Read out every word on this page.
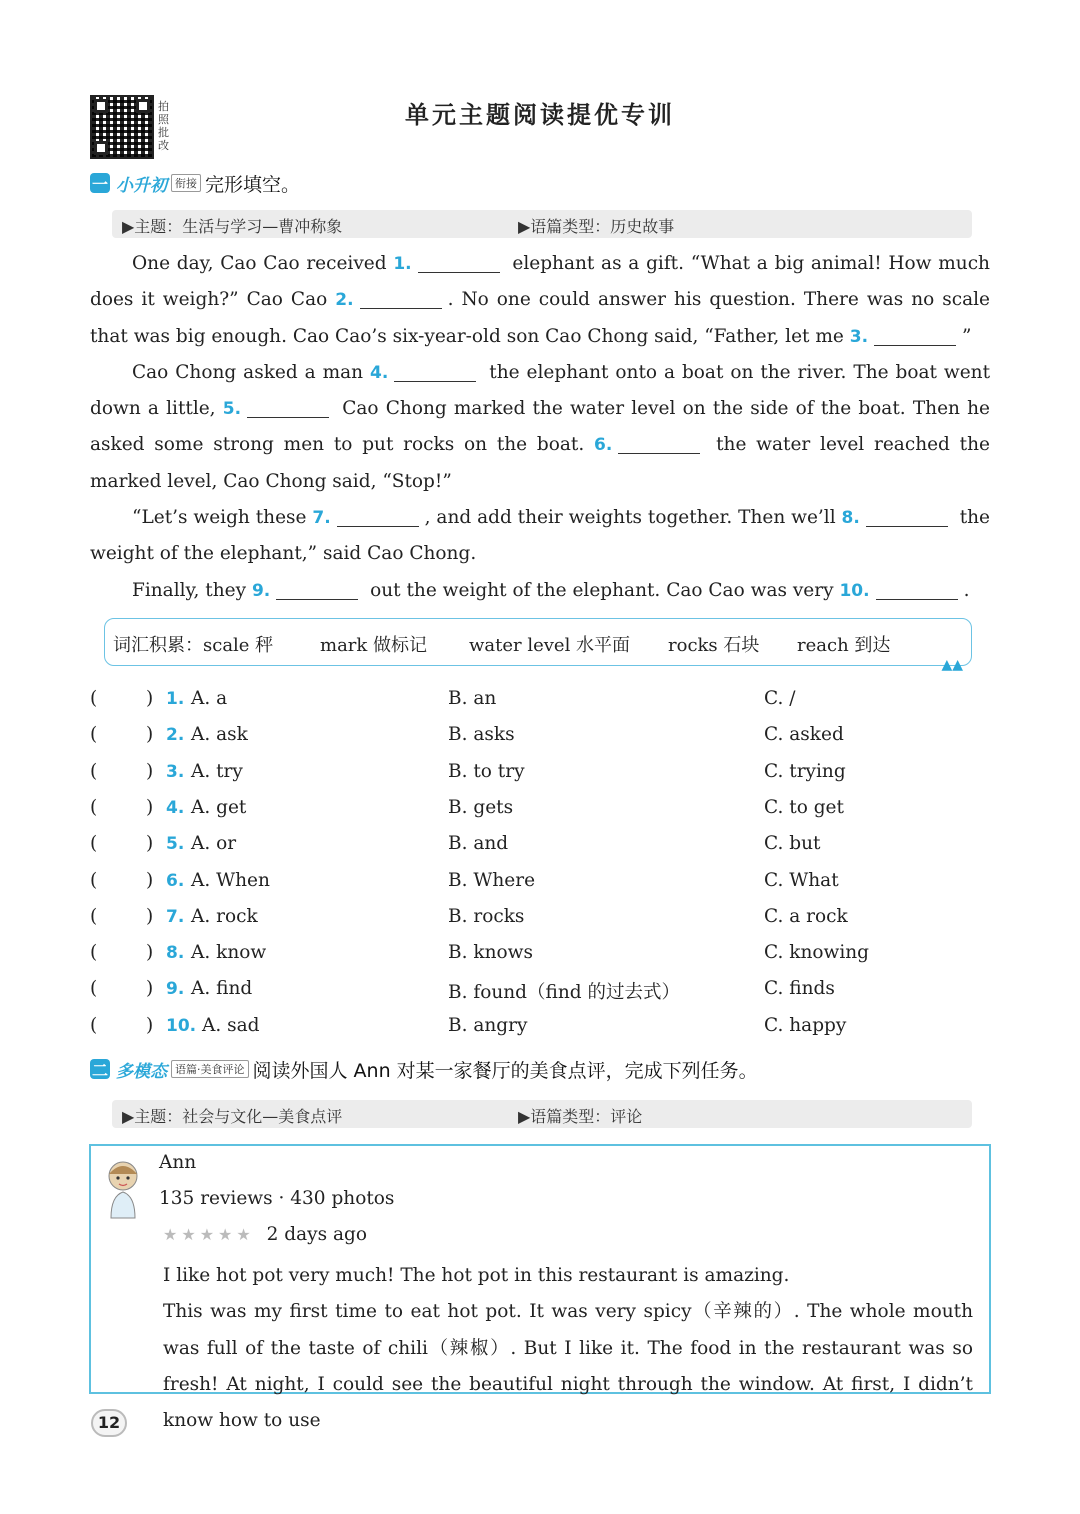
拍照批改
单元主题阅读提优专训
一 小升初 衔接 完形填空。
▶主题：生活与学习—曹冲称象	▶语篇类型：历史故事

One day, Cao Cao received 1.	elephant as a gift. “What a big animal! How much does it weigh?” Cao Cao 2.	. No one could answer his question. There was no scale that was big enough. Cao Cao’s six-year-old son Cao Chong said, “Father, let me 3.	”

Cao Chong asked a man 4.	the elephant onto a boat on the river. The boat went down a little, 5.	Cao Chong marked the water level on the side of the boat. Then he asked some strong men to put rocks on the boat. 6.	the water level reached the marked level, Cao Chong said, “Stop!”

“Let’s weigh these 7.	, and add their weights together. Then we’ll 8.	the weight of the elephant,” said Cao Chong.

Finally, they 9.	out the weight of the elephant. Cao Cao was very 10.	.

词汇积累：scale 秤	mark 做标记 water level 水平面 rocks 石块 reach 到达
▲▲
(	) 1. A. a	B. an	C. /
(	) 2. A. ask	B. asks	C. asked
(	) 3. A. try	B. to try	C. trying
(	) 4. A. get	B. gets	C. to get
(	) 5. A. or	B. and	C. but
(	) 6. A. When	B. Where	C. What
(	) 7. A. rock	B. rocks	C. a rock
(	) 8. A. know	B. knows	C. knowing
(	) 9. A. find	B. found（find 的过去式）	C. finds
(	) 10. A. sad	B. angry	C. happy
二 多模态 语篇·美食评论 阅读外国人 Ann 对某一家餐厅的美食点评，完成下列任务。
▶主题：社会与文化—美食点评	▶语篇类型：评论
Ann
135 reviews · 430 photos
★★★★★ 2 days ago

I like hot pot very much! The hot pot in this restaurant is amazing.

This was my first time to eat hot pot. It was very spicy（辛辣的）. The whole mouth was full of the taste of chili（辣椒）. But I like it. The food in the restaurant was so fresh! At night, I could see the beautiful night through the window. At first, I didn’t know how to use

12
